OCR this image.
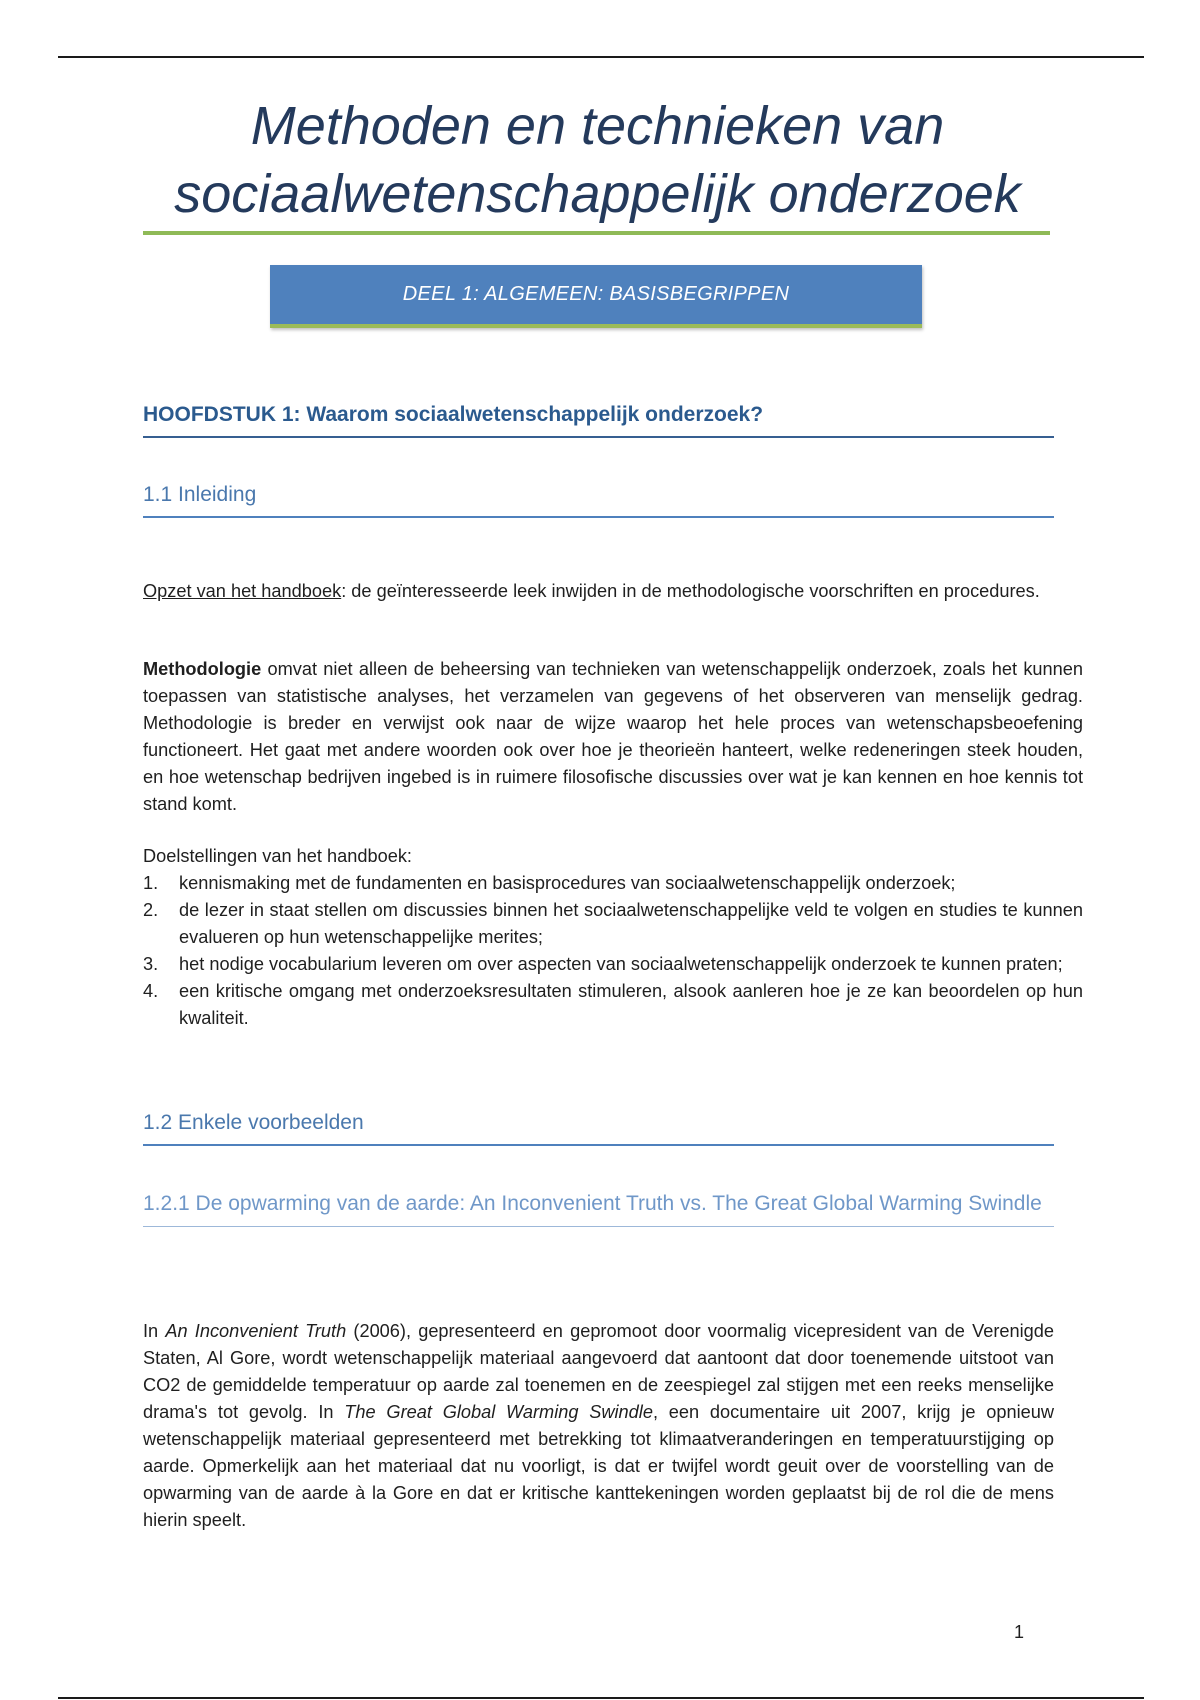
Methoden en technieken van
sociaalwetenschappelijk onderzoek
DEEL 1: ALGEMEEN: BASISBEGRIPPEN
HOOFDSTUK 1: Waarom sociaalwetenschappelijk onderzoek?
1.1 Inleiding

Opzet van het handboek: de geïnteresseerde leek inwijden in de methodologische voorschriften en procedures.

Methodologie omvat niet alleen de beheersing van technieken van wetenschappelijk onderzoek, zoals het kunnen toepassen van statistische analyses, het verzamelen van gegevens of het observeren van menselijk gedrag. Methodologie is breder en verwijst ook naar de wijze waarop het hele proces van wetenschapsbeoefening functioneert. Het gaat met andere woorden ook over hoe je theorieën hanteert, welke redeneringen steek houden, en hoe wetenschap bedrijven ingebed is in ruimere filosofische discussies over wat je kan kennen en hoe kennis tot stand komt.

Doelstellingen van het handboek:

1. kennismaking met de fundamenten en basisprocedures van sociaalwetenschappelijk onderzoek;
2. de lezer in staat stellen om discussies binnen het sociaalwetenschappelijke veld te volgen en studies te kunnen evalueren op hun wetenschappelijke merites;
3. het nodige vocabularium leveren om over aspecten van sociaalwetenschappelijk onderzoek te kunnen praten;
4. een kritische omgang met onderzoeksresultaten stimuleren, alsook aanleren hoe je ze kan beoordelen op hun kwaliteit.
1.2 Enkele voorbeelden
1.2.1 De opwarming van de aarde: An Inconvenient Truth vs. The Great Global Warming Swindle

In An Inconvenient Truth (2006), gepresenteerd en gepromoot door voormalig vicepresident van de Verenigde Staten, Al Gore, wordt wetenschappelijk materiaal aangevoerd dat aantoont dat door toenemende uitstoot van CO2 de gemiddelde temperatuur op aarde zal toenemen en de zeespiegel zal stijgen met een reeks menselijke drama's tot gevolg. In The Great Global Warming Swindle, een documentaire uit 2007, krijg je opnieuw wetenschappelijk materiaal gepresenteerd met betrekking tot klimaatveranderingen en temperatuurstijging op aarde. Opmerkelijk aan het materiaal dat nu voorligt, is dat er twijfel wordt geuit over de voorstelling van de opwarming van de aarde à la Gore en dat er kritische kanttekeningen worden geplaatst bij de rol die de mens hierin speelt.

1
